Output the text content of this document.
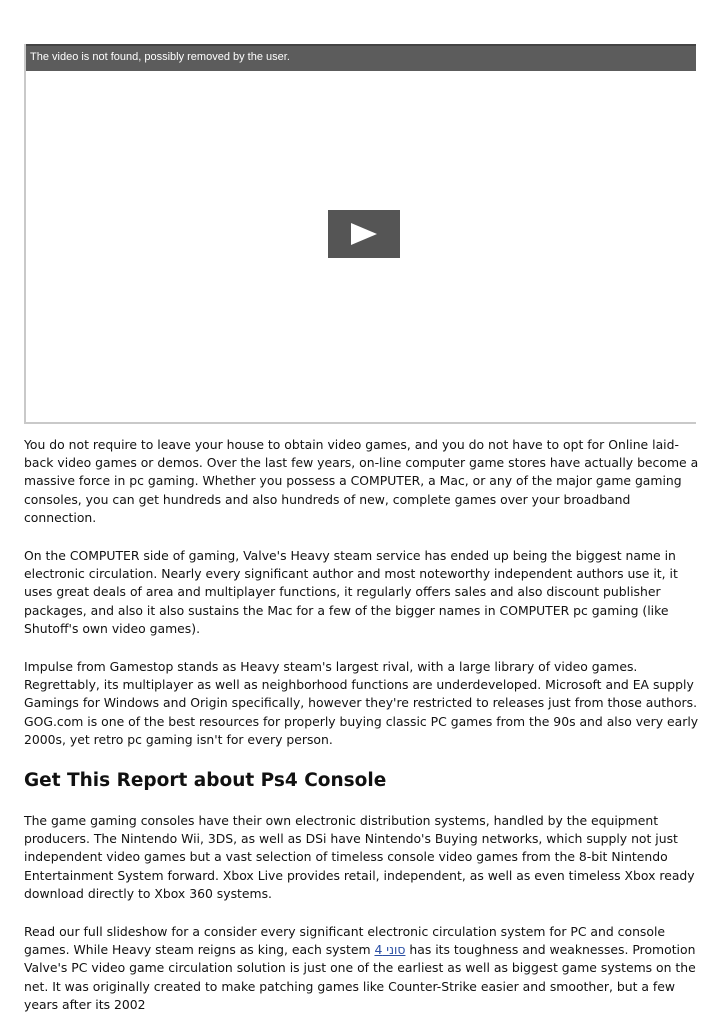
The video is not found, possibly removed by the user.

You do not require to leave your house to obtain video games, and you do not have to opt for Online laid-back video games or demos. Over the last few years, on-line computer game stores have actually become a massive force in pc gaming. Whether you possess a COMPUTER, a Mac, or any of the major game gaming consoles, you can get hundreds and also hundreds of new, complete games over your broadband connection.

On the COMPUTER side of gaming, Valve's Heavy steam service has ended up being the biggest name in electronic circulation. Nearly every significant author and most noteworthy independent authors use it, it uses great deals of area and multiplayer functions, it regularly offers sales and also discount publisher packages, and also it also sustains the Mac for a few of the bigger names in COMPUTER pc gaming (like Shutoff's own video games).

Impulse from Gamestop stands as Heavy steam's largest rival, with a large library of video games. Regrettably, its multiplayer as well as neighborhood functions are underdeveloped. Microsoft and EA supply Gamings for Windows and Origin specifically, however they're restricted to releases just from those authors. GOG.com is one of the best resources for properly buying classic PC games from the 90s and also very early 2000s, yet retro pc gaming isn't for every person.

Get This Report about Ps4 Console

The game gaming consoles have their own electronic distribution systems, handled by the equipment producers. The Nintendo Wii, 3DS, as well as DSi have Nintendo's Buying networks, which supply not just independent video games but a vast selection of timeless console video games from the 8-bit Nintendo Entertainment System forward. Xbox Live provides retail, independent, as well as even timeless Xbox ready download directly to Xbox 360 systems.

Read our full slideshow for a consider every significant electronic circulation system for PC and console games. While Heavy steam reigns as king, each system סוני 4 has its toughness and weaknesses. Promotion Valve's PC video game circulation solution is just one of the earliest as well as biggest game systems on the net. It was originally created to make patching games like Counter-Strike easier and smoother, but a few years after its 2002
